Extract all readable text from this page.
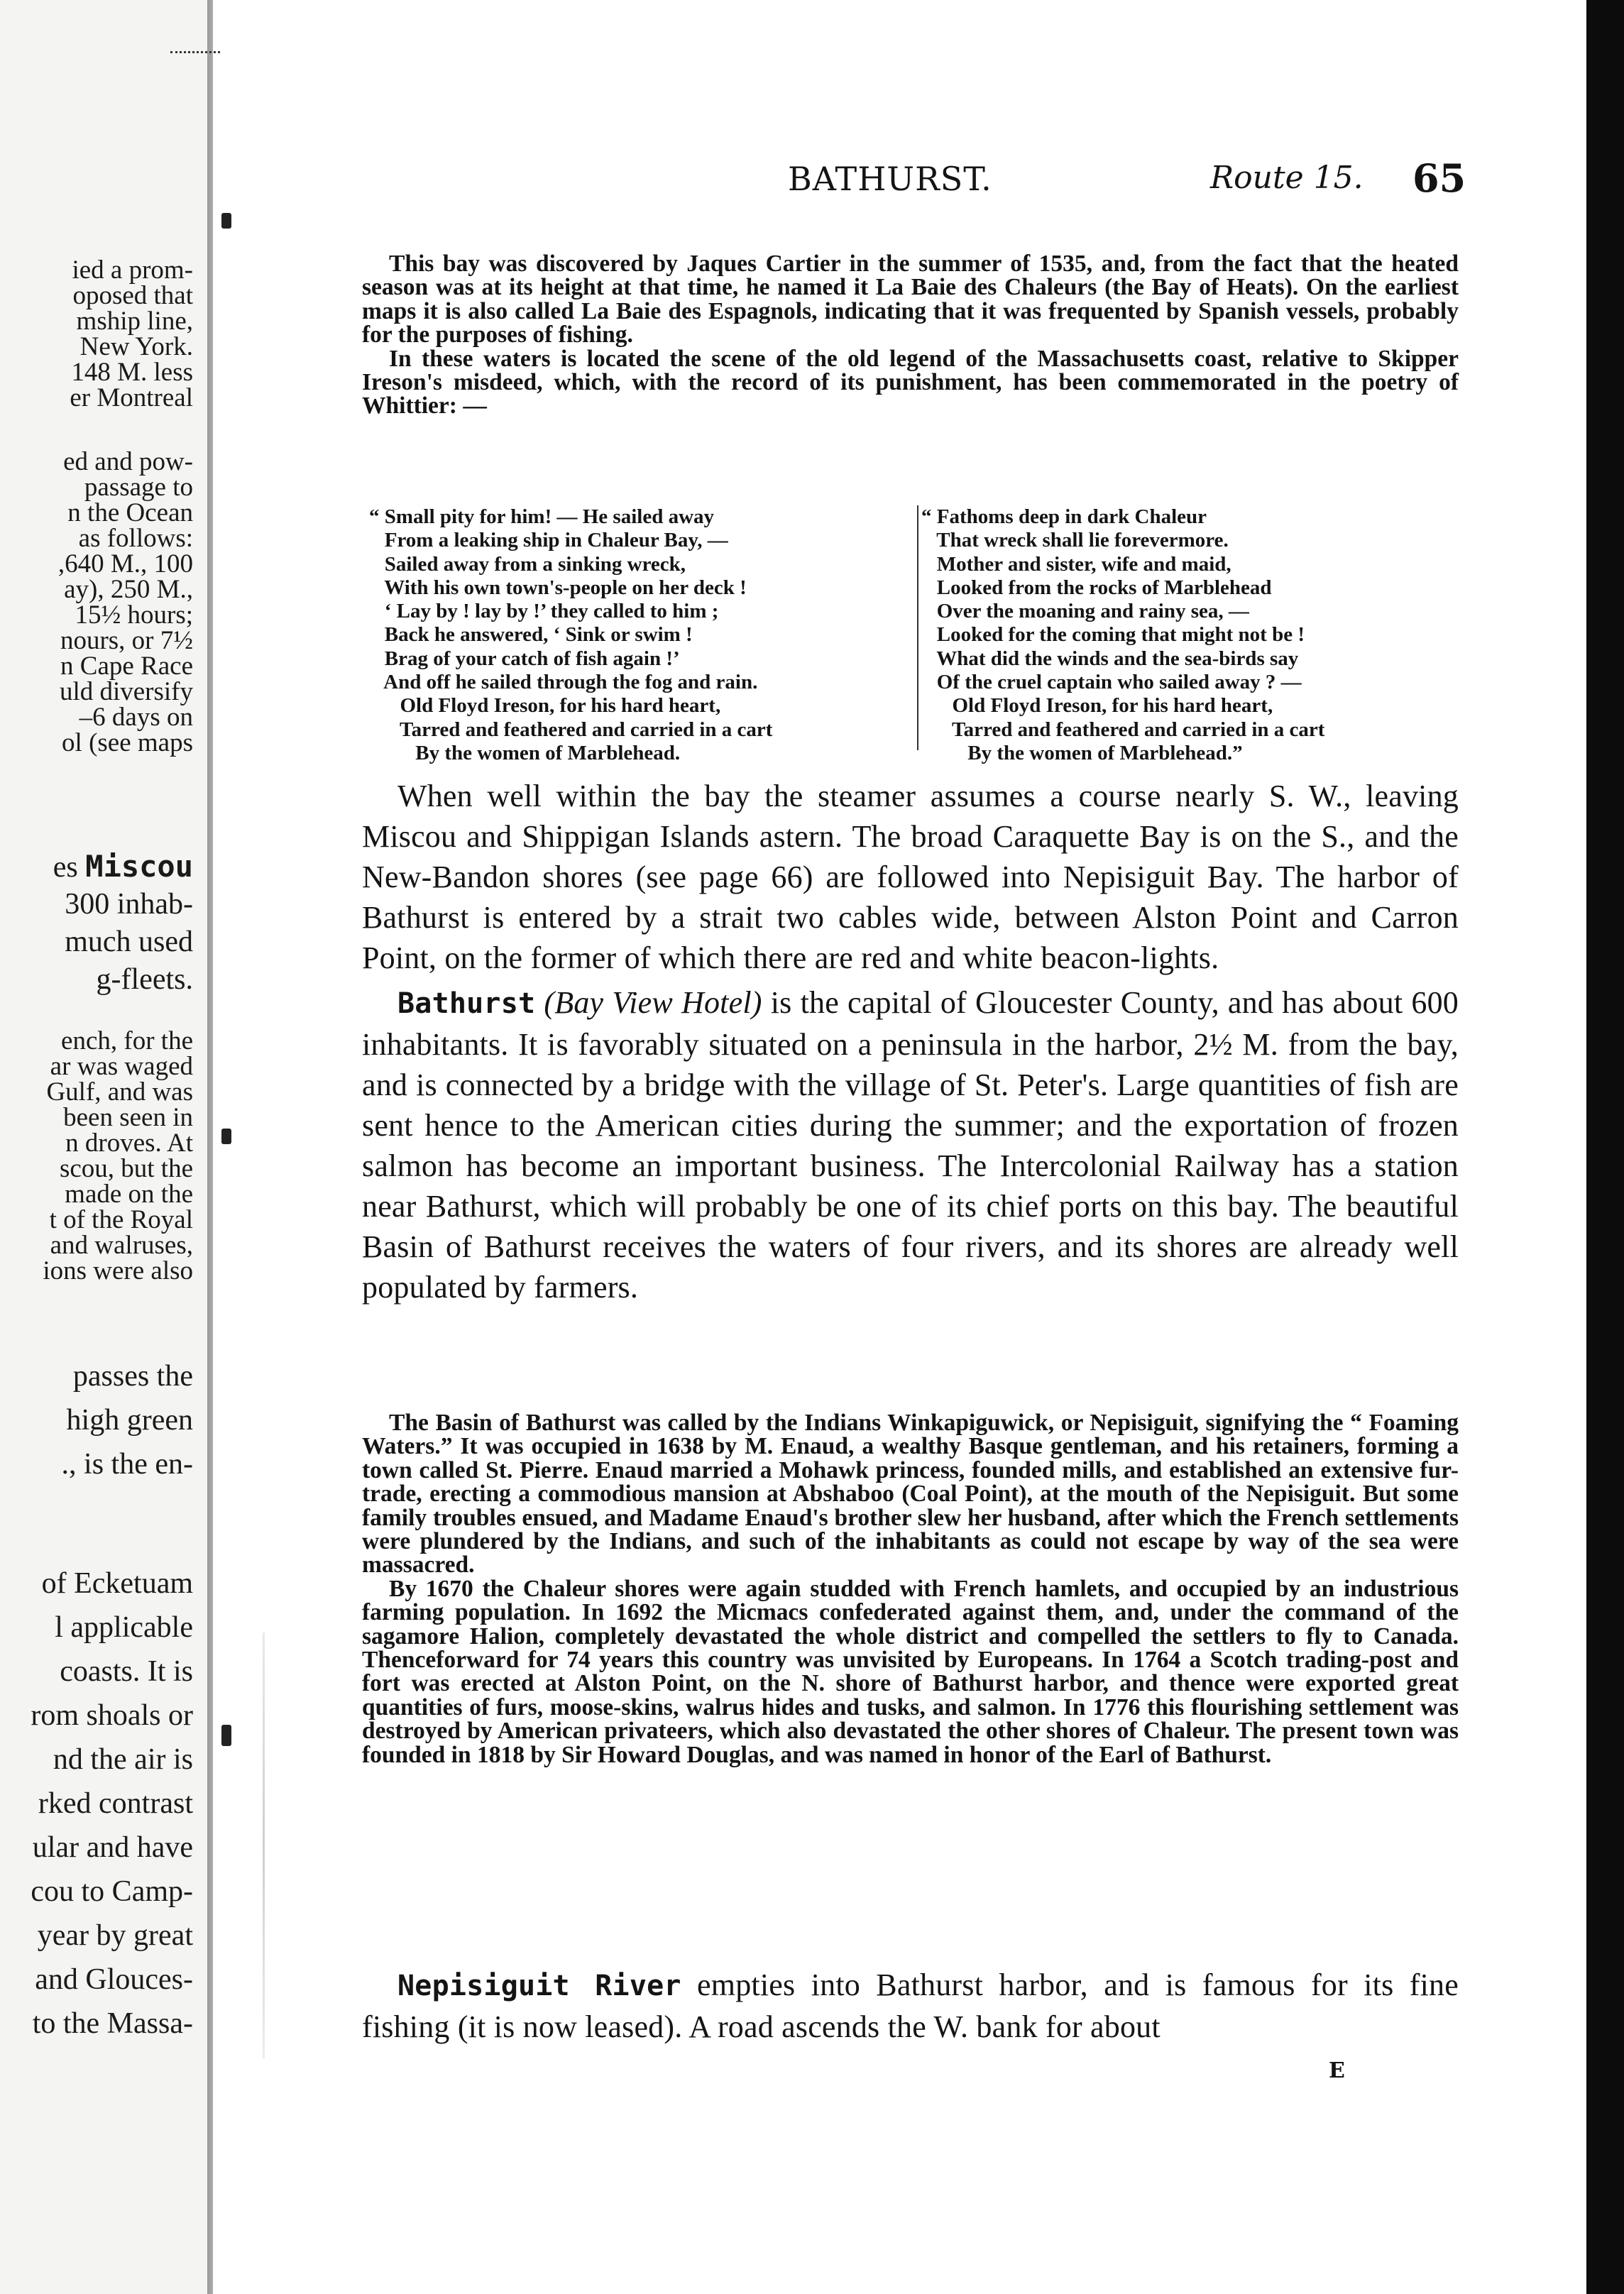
ied a prom-
oposed that
mship line,
New York.
148 M. less
er Montreal
ed and pow-
passage to
n the Ocean
as follows:
,640 M., 100
ay), 250 M.,
15½ hours;
nours, or 7½
n Cape Race
uld diversify
–6 days on
ol (see maps
es Miscou
300 inhab-
much used
g-fleets.
ench, for the
ar was waged
Gulf, and was
been seen in
n droves. At
scou, but the
made on the
t of the Royal
and walruses,
ions were also
passes the
high green
., is the en-
of Ecketuam
l applicable
coasts. It is
rom shoals or
nd the air is
rked contrast
ular and have
cou to Camp-
year by great
and Glouces-
to the Massa-
BATHURST.	Route 15. 65

This bay was discovered by Jaques Cartier in the summer of 1535, and, from the fact that the heated season was at its height at that time, he named it La Baie des Chaleurs (the Bay of Heats). On the earliest maps it is also called La Baie des Espagnols, indicating that it was frequented by Spanish vessels, probably for the purposes of fishing.

In these waters is located the scene of the old legend of the Massachusetts coast, relative to Skipper Ireson's misdeed, which, with the record of its punishment, has been commemorated in the poetry of Whittier: —

“ Small pity for him! — He sailed away
From a leaking ship in Chaleur Bay, —
Sailed away from a sinking wreck,
With his own town's-people on her deck !
‘ Lay by ! lay by !’ they called to him ;
Back he answered, ‘ Sink or swim !
Brag of your catch of fish again !’
And off he sailed through the fog and rain.
Old Floyd Ireson, for his hard heart,
Tarred and feathered and carried in a cart
By the women of Marblehead.
“ Fathoms deep in dark Chaleur
That wreck shall lie forevermore.
Mother and sister, wife and maid,
Looked from the rocks of Marblehead
Over the moaning and rainy sea, —
Looked for the coming that might not be !
What did the winds and the sea-birds say
Of the cruel captain who sailed away ? —
Old Floyd Ireson, for his hard heart,
Tarred and feathered and carried in a cart
By the women of Marblehead.”

When well within the bay the steamer assumes a course nearly S. W., leaving Miscou and Shippigan Islands astern. The broad Caraquette Bay is on the S., and the New-Bandon shores (see page 66) are followed into Nepisiguit Bay. The harbor of Bathurst is entered by a strait two cables wide, between Alston Point and Carron Point, on the former of which there are red and white beacon-lights.

Bathurst (Bay View Hotel) is the capital of Gloucester County, and has about 600 inhabitants. It is favorably situated on a peninsula in the harbor, 2½ M. from the bay, and is connected by a bridge with the village of St. Peter's. Large quantities of fish are sent hence to the American cities during the summer; and the exportation of frozen salmon has become an important business. The Intercolonial Railway has a station near Bathurst, which will probably be one of its chief ports on this bay. The beautiful Basin of Bathurst receives the waters of four rivers, and its shores are already well populated by farmers.

The Basin of Bathurst was called by the Indians Winkapiguwick, or Nepisiguit, signifying the “ Foaming Waters.” It was occupied in 1638 by M. Enaud, a wealthy Basque gentleman, and his retainers, forming a town called St. Pierre. Enaud married a Mohawk princess, founded mills, and established an extensive fur-trade, erecting a commodious mansion at Abshaboo (Coal Point), at the mouth of the Nepisiguit. But some family troubles ensued, and Madame Enaud's brother slew her husband, after which the French settlements were plundered by the Indians, and such of the inhabitants as could not escape by way of the sea were massacred.

By 1670 the Chaleur shores were again studded with French hamlets, and occupied by an industrious farming population. In 1692 the Micmacs confederated against them, and, under the command of the sagamore Halion, completely devastated the whole district and compelled the settlers to fly to Canada. Thenceforward for 74 years this country was unvisited by Europeans. In 1764 a Scotch trading-post and fort was erected at Alston Point, on the N. shore of Bathurst harbor, and thence were exported great quantities of furs, moose-skins, walrus hides and tusks, and salmon. In 1776 this flourishing settlement was destroyed by American privateers, which also devastated the other shores of Chaleur. The present town was founded in 1818 by Sir Howard Douglas, and was named in honor of the Earl of Bathurst.

Nepisiguit River empties into Bathurst harbor, and is famous for its fine fishing (it is now leased). A road ascends the W. bank for about

E
